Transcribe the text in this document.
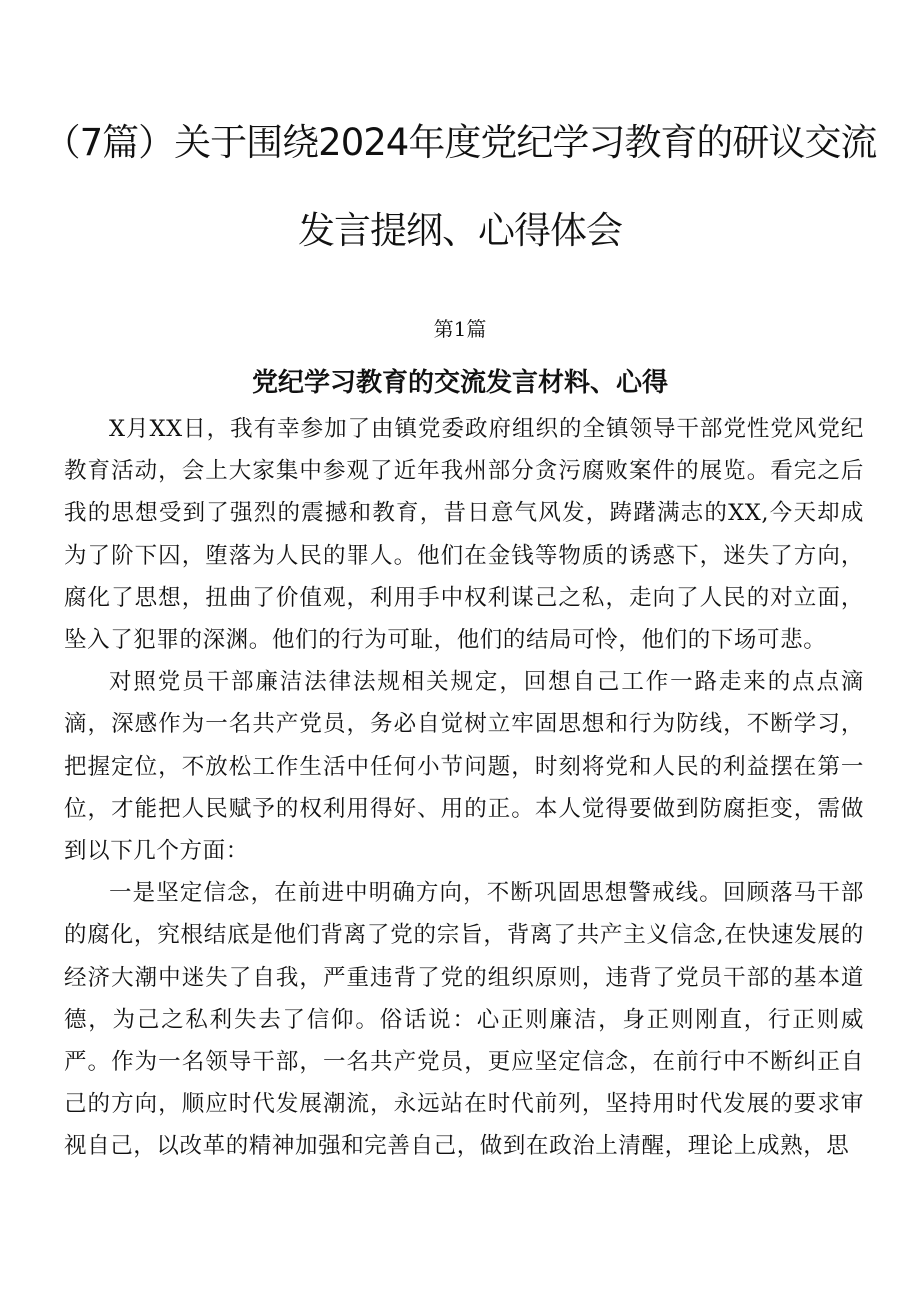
（7篇）关于围绕2024年度党纪学习教育的研议交流
发言提纲、心得体会
第1篇
党纪学习教育的交流发言材料、心得

X月XX日，我有幸参加了由镇党委政府组织的全镇领导干部党性党风党纪教育活动，会上大家集中参观了近年我州部分贪污腐败案件的展览。看完之后我的思想受到了强烈的震撼和教育，昔日意气风发，踌躇满志的XX,今天却成为了阶下囚，堕落为人民的罪人。他们在金钱等物质的诱惑下，迷失了方向，腐化了思想，扭曲了价值观，利用手中权利谋己之私，走向了人民的对立面，坠入了犯罪的深渊。他们的行为可耻，他们的结局可怜，他们的下场可悲。

对照党员干部廉洁法律法规相关规定，回想自己工作一路走来的点点滴滴，深感作为一名共产党员，务必自觉树立牢固思想和行为防线，不断学习，把握定位，不放松工作生活中任何小节问题，时刻将党和人民的利益摆在第一位，才能把人民赋予的权利用得好、用的正。本人觉得要做到防腐拒变，需做到以下几个方面：

一是坚定信念，在前进中明确方向，不断巩固思想警戒线。回顾落马干部的腐化，究根结底是他们背离了党的宗旨，背离了共产主义信念,在快速发展的经济大潮中迷失了自我，严重违背了党的组织原则，违背了党员干部的基本道德，为己之私利失去了信仰。俗话说：心正则廉洁，身正则刚直，行正则威严。作为一名领导干部，一名共产党员，更应坚定信念，在前行中不断纠正自己的方向，顺应时代发展潮流，永远站在时代前列，坚持用时代发展的要求审视自己，以改革的精神加强和完善自己，做到在政治上清醒，理论上成熟，思
